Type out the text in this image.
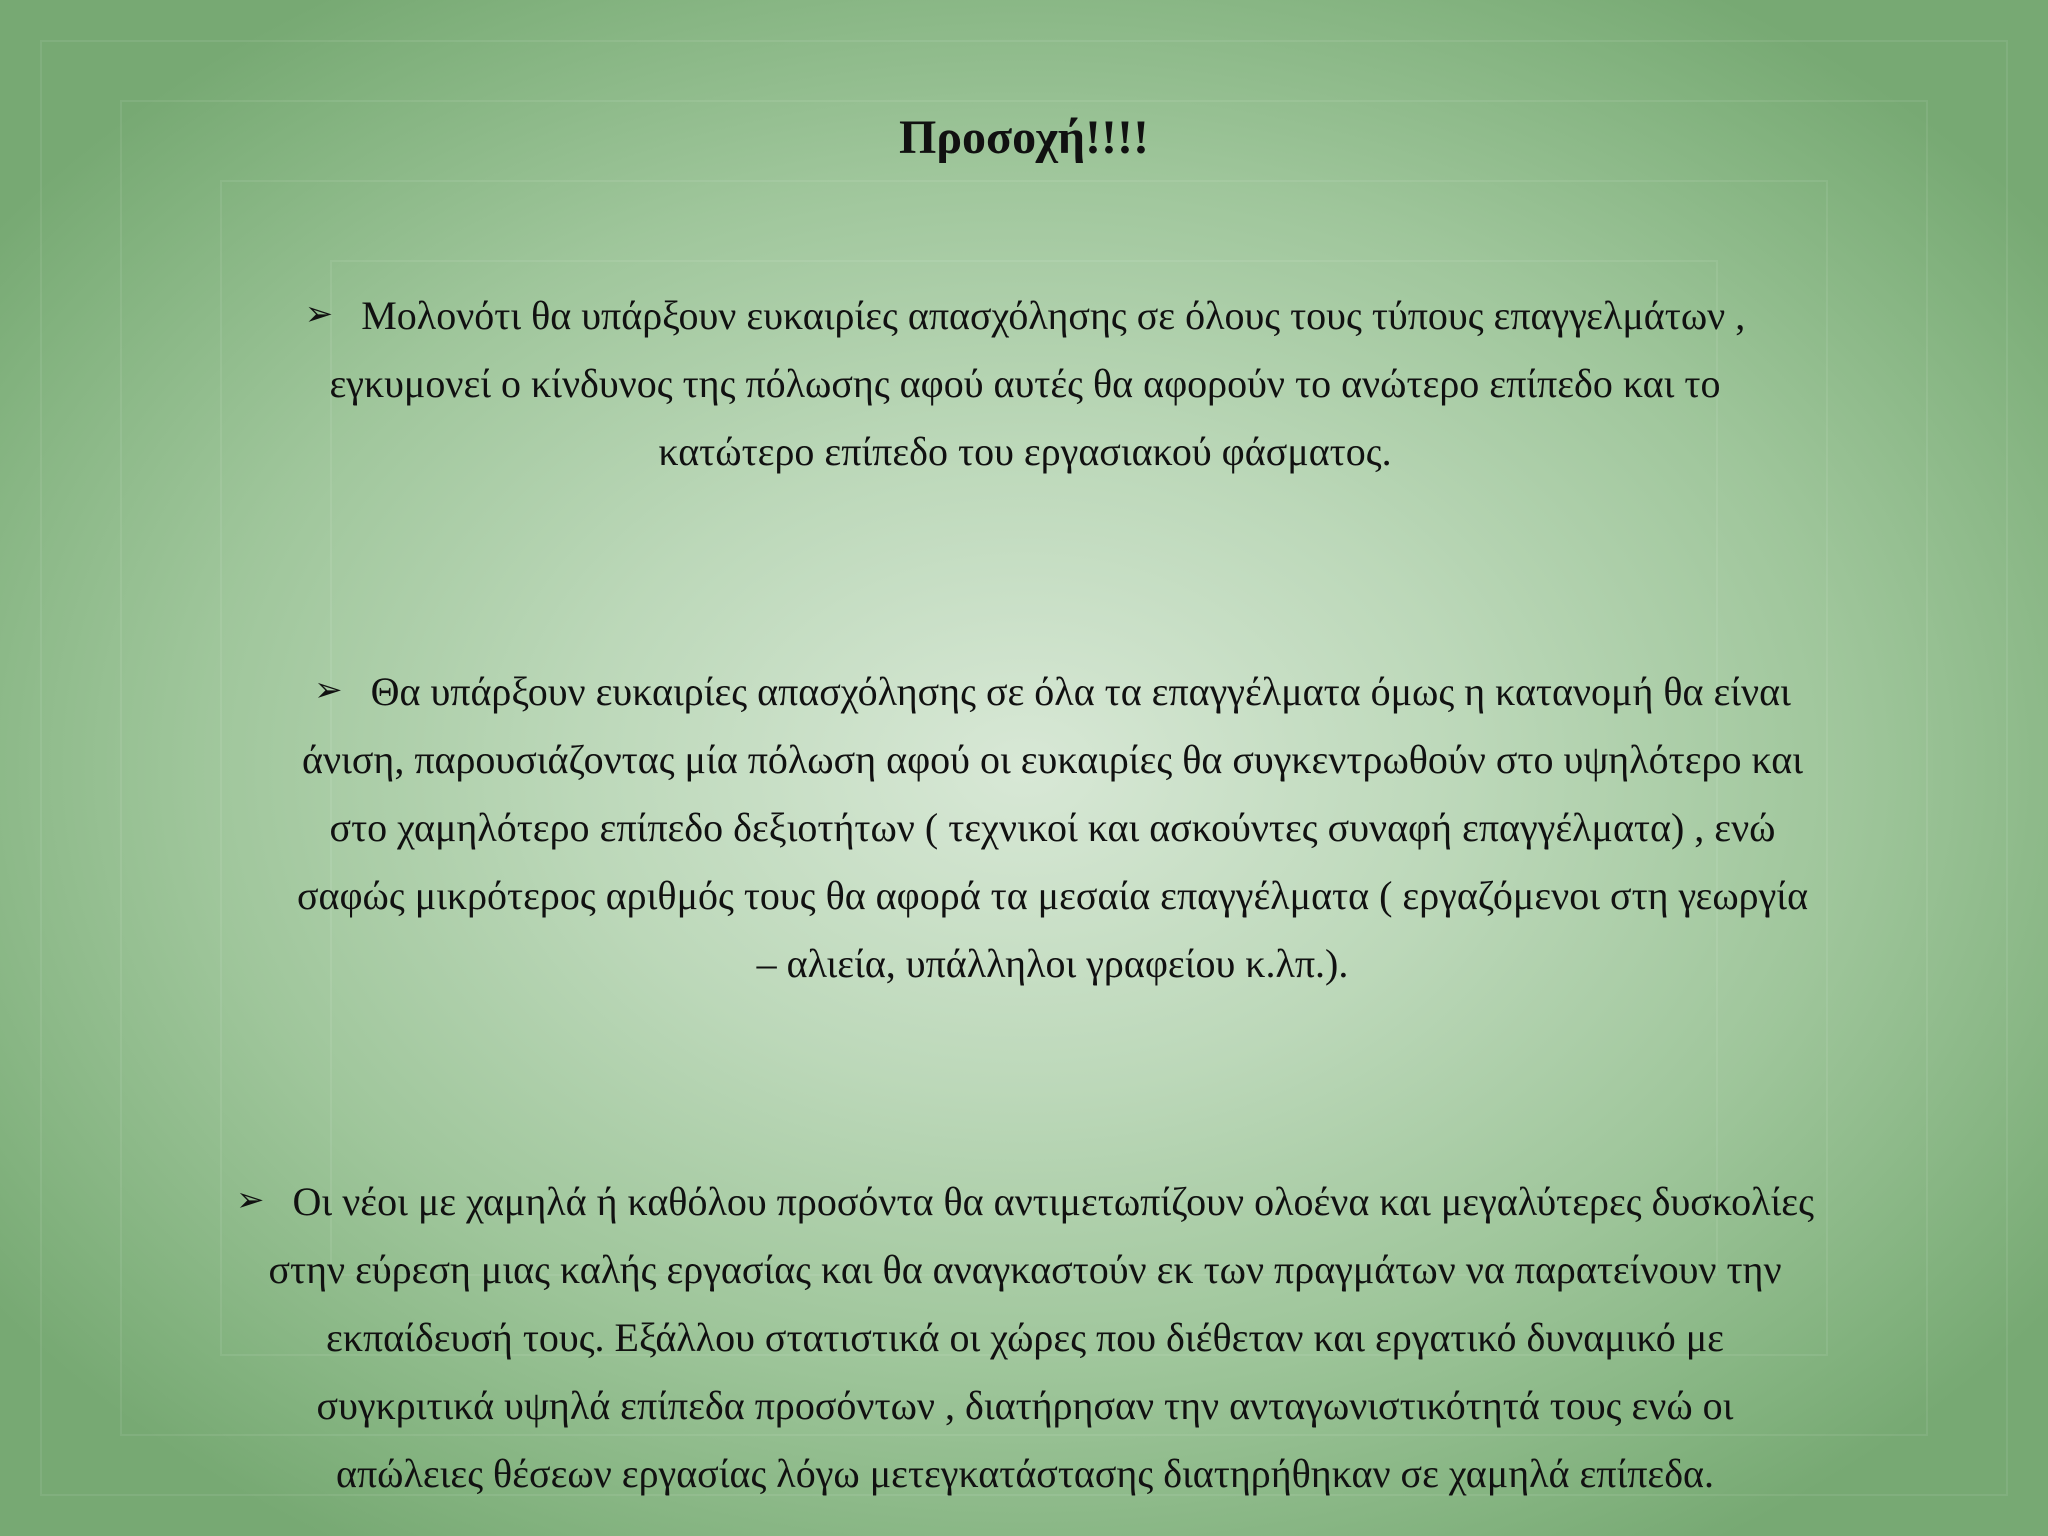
Προσοχή!!!!
➢ Μολονότι θα υπάρξουν ευκαιρίες απασχόλησης σε όλους τους τύπους επαγγελμάτων ,
εγκυμονεί ο κίνδυνος της πόλωσης αφού αυτές θα αφορούν το ανώτερο επίπεδο και το
κατώτερο επίπεδο του εργασιακού φάσματος.
➢ Θα υπάρξουν ευκαιρίες απασχόλησης σε όλα τα επαγγέλματα όμως η κατανομή θα είναι
άνιση, παρουσιάζοντας μία πόλωση αφού οι ευκαιρίες θα συγκεντρωθούν στο υψηλότερο και
στο χαμηλότερο επίπεδο δεξιοτήτων ( τεχνικοί και ασκούντες συναφή επαγγέλματα) , ενώ
σαφώς μικρότερος αριθμός τους θα αφορά τα μεσαία επαγγέλματα ( εργαζόμενοι στη γεωργία
– αλιεία, υπάλληλοι γραφείου κ.λπ.).
➢ Οι νέοι με χαμηλά ή καθόλου προσόντα θα αντιμετωπίζουν ολοένα και μεγαλύτερες δυσκολίες
στην εύρεση μιας καλής εργασίας και θα αναγκαστούν εκ των πραγμάτων να παρατείνουν την
εκπαίδευσή τους. Εξάλλου στατιστικά οι χώρες που διέθεταν και εργατικό δυναμικό με
συγκριτικά υψηλά επίπεδα προσόντων , διατήρησαν την ανταγωνιστικότητά τους ενώ οι
απώλειες θέσεων εργασίας λόγω μετεγκατάστασης διατηρήθηκαν σε χαμηλά επίπεδα.
